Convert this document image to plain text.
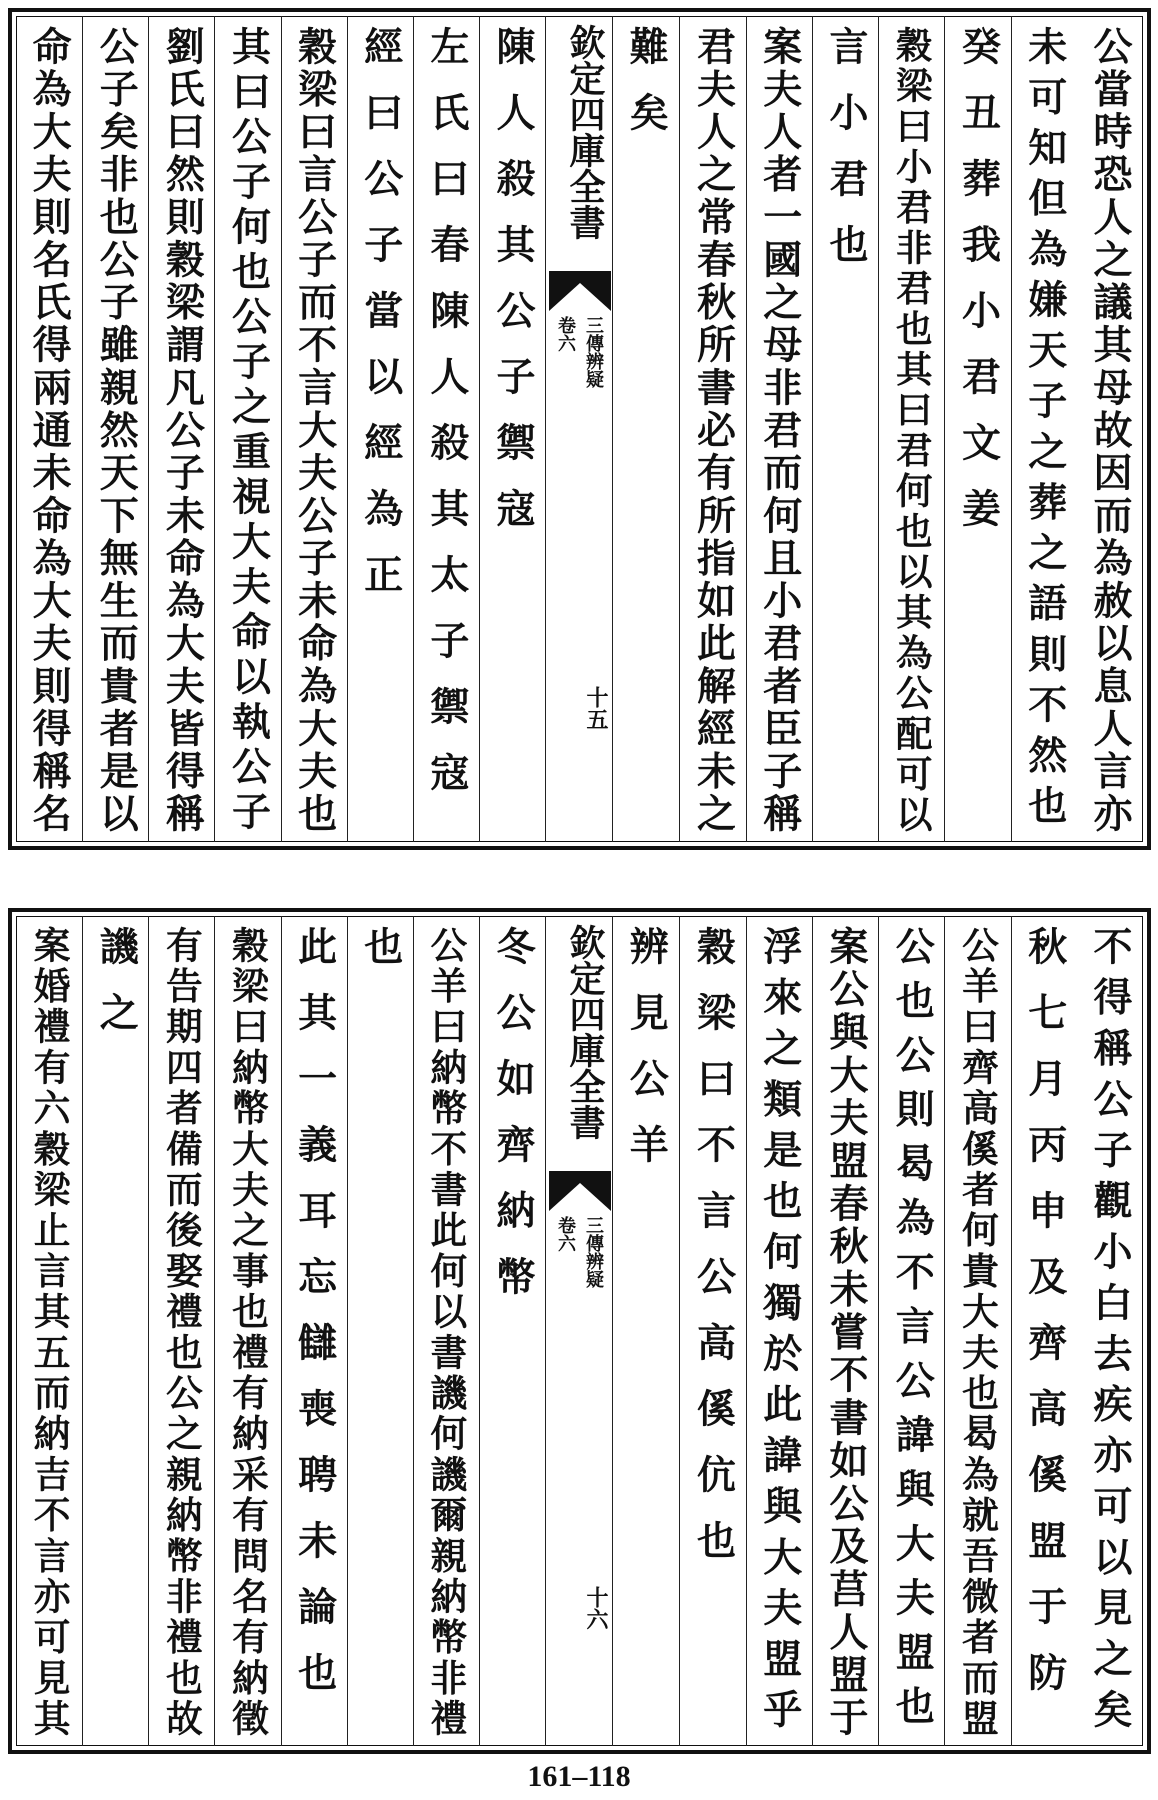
公當時恐人之議其母故因而為赦以息人言亦
未可知但為嫌天子之葬之語則不然也
癸丑葬我小君文姜
穀梁曰小君非君也其曰君何也以其為公配可以
言小君也
案夫人者一國之母非君而何且小君者臣子稱
君夫人之常春秋所書必有所指如此解經未之
難矣
陳人殺其公子禦寇
左氏曰春陳人殺其太子禦寇
經曰公子當以經為正
穀梁曰言公子而不言大夫公子未命為大夫也
其曰公子何也公子之重視大夫命以執公子
劉氏曰然則穀梁謂凡公子未命為大夫皆得稱
公子矣非也公子雖親然天下無生而貴者是以
命為大夫則名氏得兩通未命為大夫則得稱名	欽定四庫全書
三傳辨疑
卷六
十五
不得稱公子觀小白去疾亦可以見之矣
秋七月丙申及齊高傒盟于防
公羊曰齊高傒者何貴大夫也曷為就吾微者而盟
公也公則曷為不言公諱與大夫盟也
案公與大夫盟春秋未嘗不書如公及莒人盟于
浮來之類是也何獨於此諱與大夫盟乎
穀梁曰不言公高傒伉也
辨見公羊
冬公如齊納幣
公羊曰納幣不書此何以書譏何譏爾親納幣非禮
也
此其一義耳忘讎喪聘未論也
穀梁曰納幣大夫之事也禮有納采有問名有納徵
有告期四者備而後娶禮也公之親納幣非禮也故
譏之
案婚禮有六穀梁止言其五而納吉不言亦可見其	欽定四庫全書
三傳辨疑
卷六
十六
161–118
